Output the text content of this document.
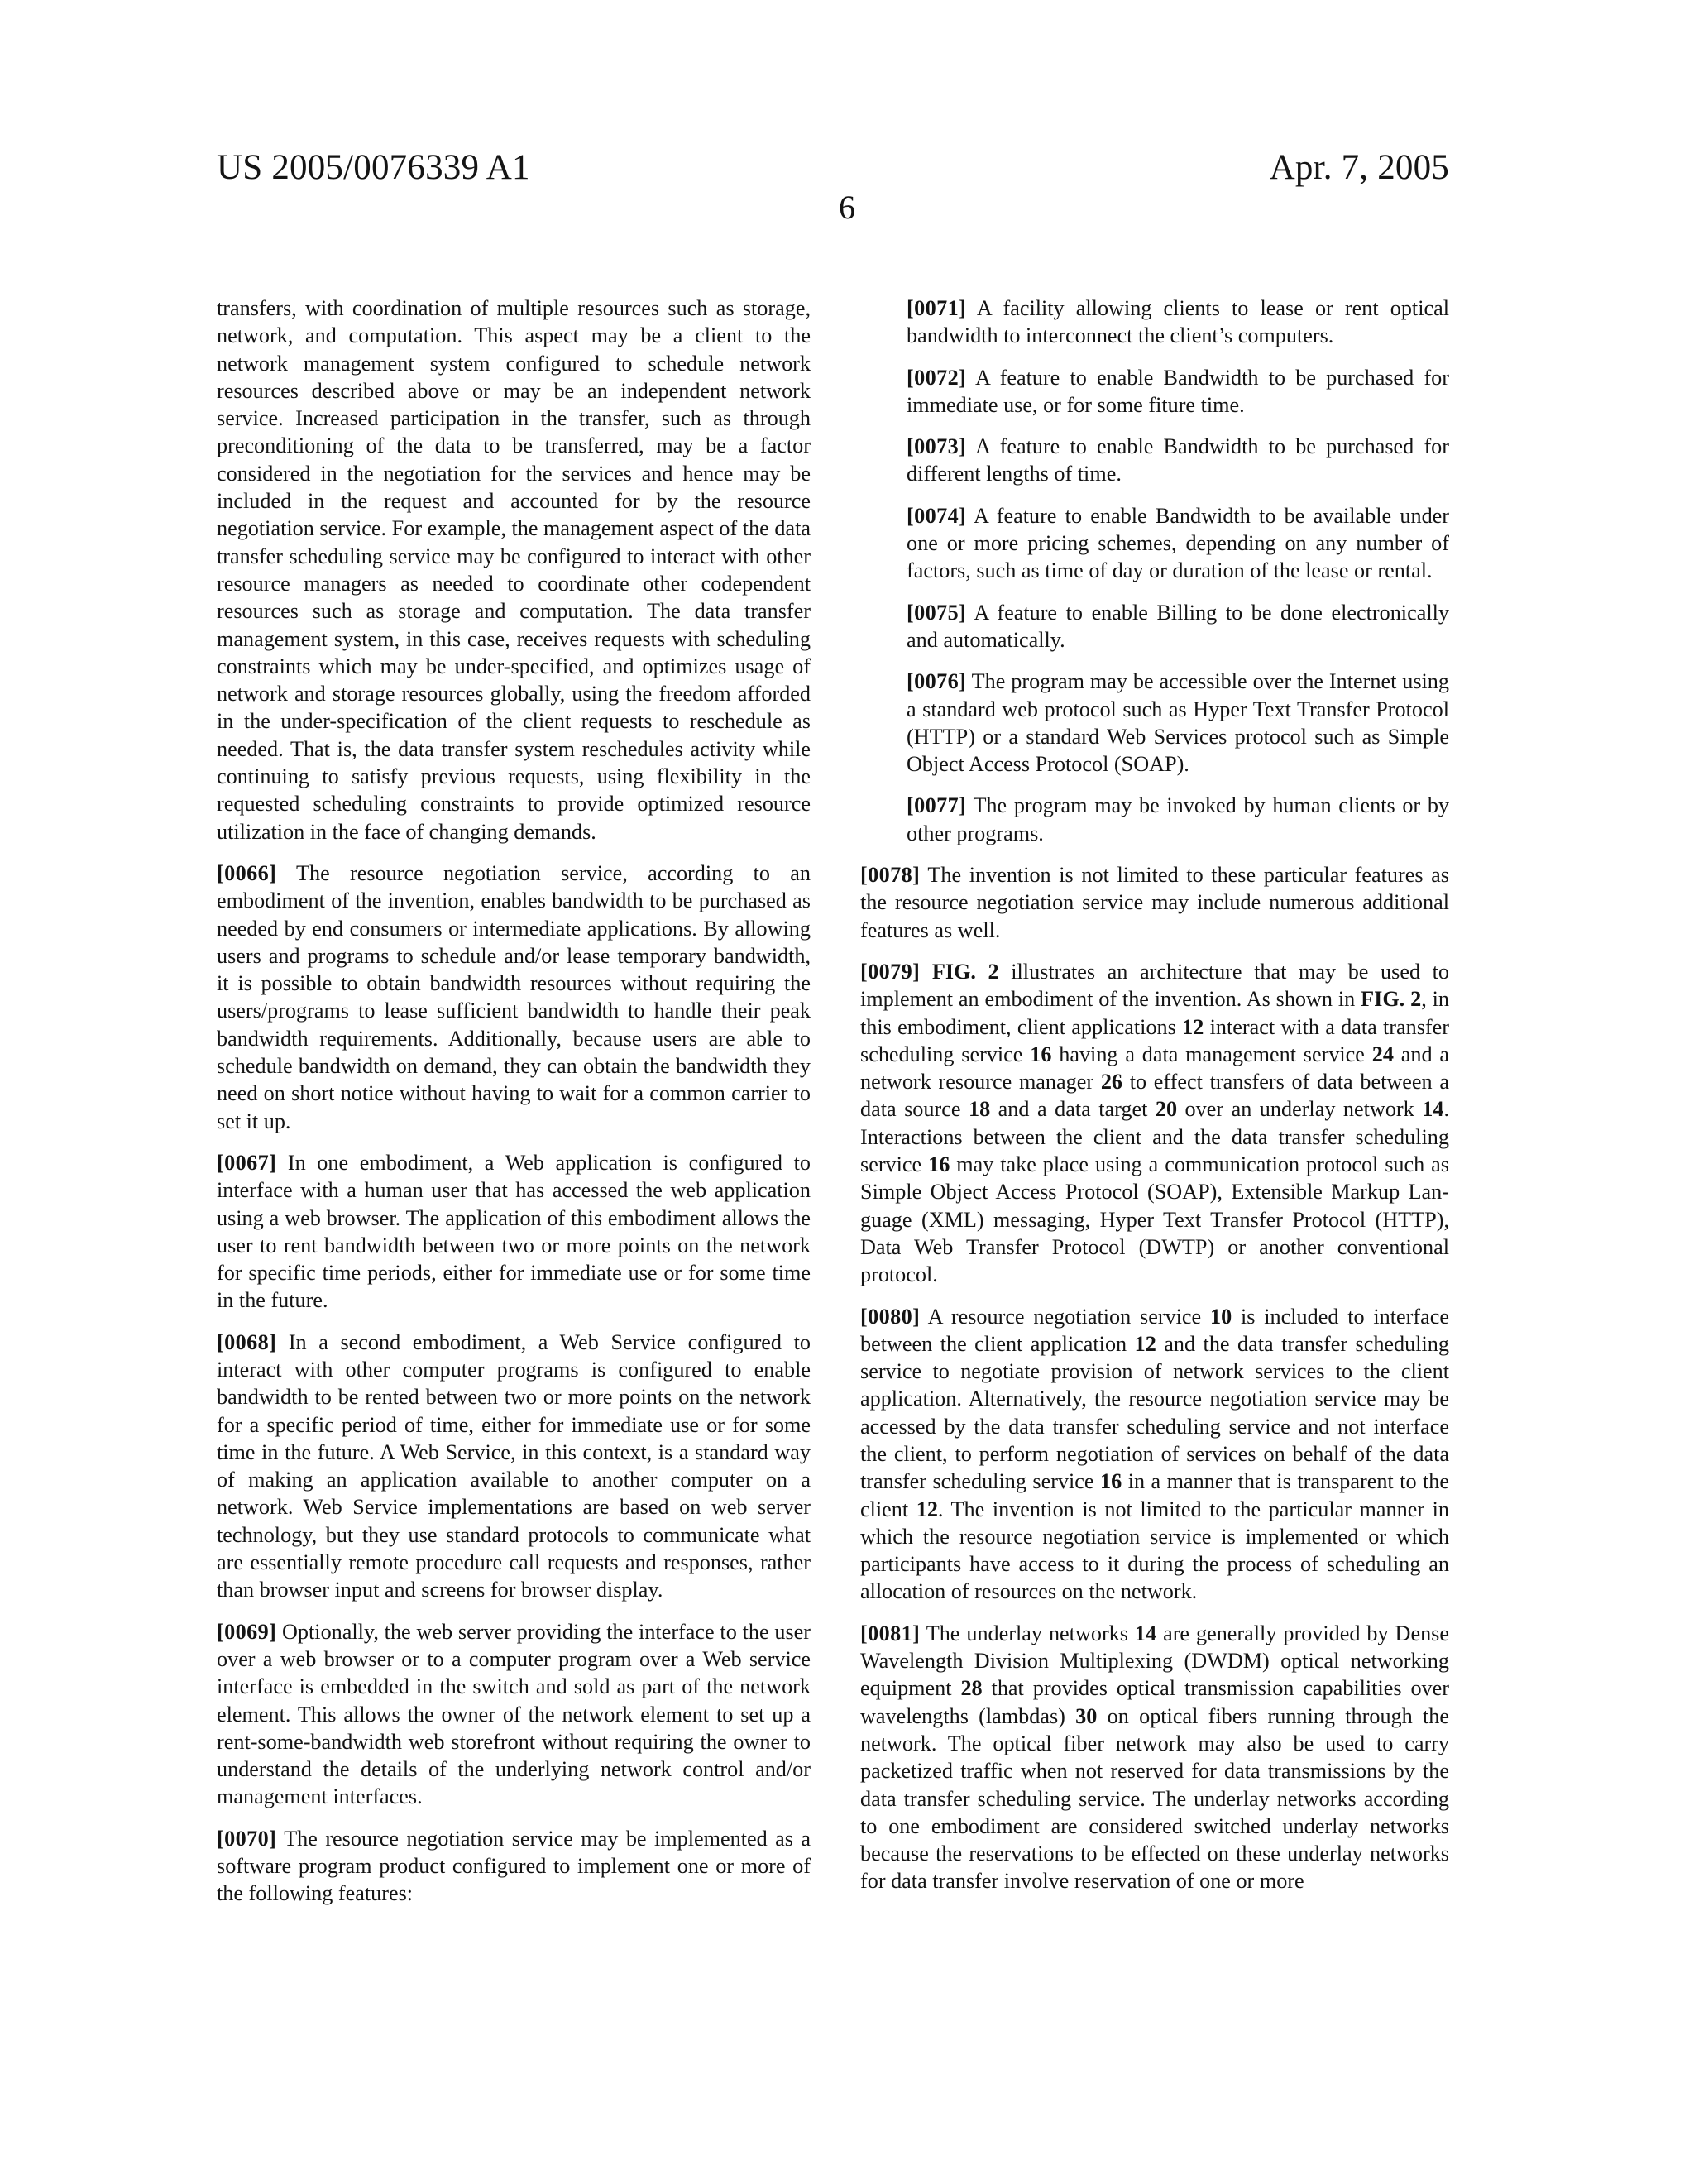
US 2005/0076339 A1	Apr. 7, 2005
6

transfers, with coordination of multiple resources such as storage, network, and computation. This aspect may be a client to the network management system configured to schedule network resources described above or may be an independent network service. Increased participation in the transfer, such as through preconditioning of the data to be transferred, may be a factor considered in the negotiation for the services and hence may be included in the request and accounted for by the resource negotiation service. For example, the management aspect of the data transfer scheduling service may be configured to interact with other resource managers as needed to coordinate other codependent resources such as storage and computation. The data transfer management system, in this case, receives requests with scheduling constraints which may be under-specified, and optimizes usage of network and storage resources globally, using the freedom afforded in the under-specification of the client requests to reschedule as needed. That is, the data transfer system reschedules activity while continuing to satisfy previous requests, using flexibility in the requested scheduling constraints to provide optimized resource utilization in the face of changing demands.

[0066] The resource negotiation service, according to an embodiment of the invention, enables bandwidth to be purchased as needed by end consumers or intermediate applications. By allowing users and programs to schedule and/or lease temporary bandwidth, it is possible to obtain bandwidth resources without requiring the users/programs to lease sufficient bandwidth to handle their peak bandwidth requirements. Additionally, because users are able to schedule bandwidth on demand, they can obtain the bandwidth they need on short notice without having to wait for a common carrier to set it up.

[0067] In one embodiment, a Web application is configured to interface with a human user that has accessed the web application using a web browser. The application of this embodiment allows the user to rent bandwidth between two or more points on the network for specific time periods, either for immediate use or for some time in the future.

[0068] In a second embodiment, a Web Service configured to interact with other computer programs is configured to enable bandwidth to be rented between two or more points on the network for a specific period of time, either for immediate use or for some time in the future. A Web Service, in this context, is a standard way of making an application available to another computer on a network. Web Service implementations are based on web server technology, but they use standard protocols to communicate what are essentially remote procedure call requests and responses, rather than browser input and screens for browser display.

[0069] Optionally, the web server providing the interface to the user over a web browser or to a computer program over a Web service interface is embedded in the switch and sold as part of the network element. This allows the owner of the network element to set up a rent-some-bandwidth web storefront without requiring the owner to understand the details of the underlying network control and/or management interfaces.

[0070] The resource negotiation service may be implemented as a software program product configured to implement one or more of the following features:

[0071] A facility allowing clients to lease or rent optical bandwidth to interconnect the client’s computers.

[0072] A feature to enable Bandwidth to be purchased for immediate use, or for some fiture time.

[0073] A feature to enable Bandwidth to be purchased for different lengths of time.

[0074] A feature to enable Bandwidth to be available under one or more pricing schemes, depending on any number of factors, such as time of day or duration of the lease or rental.

[0075] A feature to enable Billing to be done electronically and automatically.

[0076] The program may be accessible over the Internet using a standard web protocol such as Hyper Text Transfer Protocol (HTTP) or a standard Web Services protocol such as Simple Object Access Protocol (SOAP).

[0077] The program may be invoked by human clients or by other programs.

[0078] The invention is not limited to these particular features as the resource negotiation service may include numerous additional features as well.

[0079] FIG. 2 illustrates an architecture that may be used to implement an embodiment of the invention. As shown in FIG. 2, in this embodiment, client applications 12 interact with a data transfer scheduling service 16 having a data management service 24 and a network resource manager 26 to effect transfers of data between a data source 18 and a data target 20 over an underlay network 14. Interactions between the client and the data transfer scheduling service 16 may take place using a communication protocol such as Simple Object Access Protocol (SOAP), Extensible Markup Language (XML) messaging, Hyper Text Transfer Protocol (HTTP), Data Web Transfer Protocol (DWTP) or another conventional protocol.

[0080] A resource negotiation service 10 is included to interface between the client application 12 and the data transfer scheduling service to negotiate provision of network services to the client application. Alternatively, the resource negotiation service may be accessed by the data transfer scheduling service and not interface the client, to perform negotiation of services on behalf of the data transfer scheduling service 16 in a manner that is transparent to the client 12. The invention is not limited to the particular manner in which the resource negotiation service is implemented or which participants have access to it during the process of scheduling an allocation of resources on the network.

[0081] The underlay networks 14 are generally provided by Dense Wavelength Division Multiplexing (DWDM) optical networking equipment 28 that provides optical transmission capabilities over wavelengths (lambdas) 30 on optical fibers running through the network. The optical fiber network may also be used to carry packetized traffic when not reserved for data transmissions by the data transfer scheduling service. The underlay networks according to one embodiment are considered switched underlay networks because the reservations to be effected on these underlay networks for data transfer involve reservation of one or more
